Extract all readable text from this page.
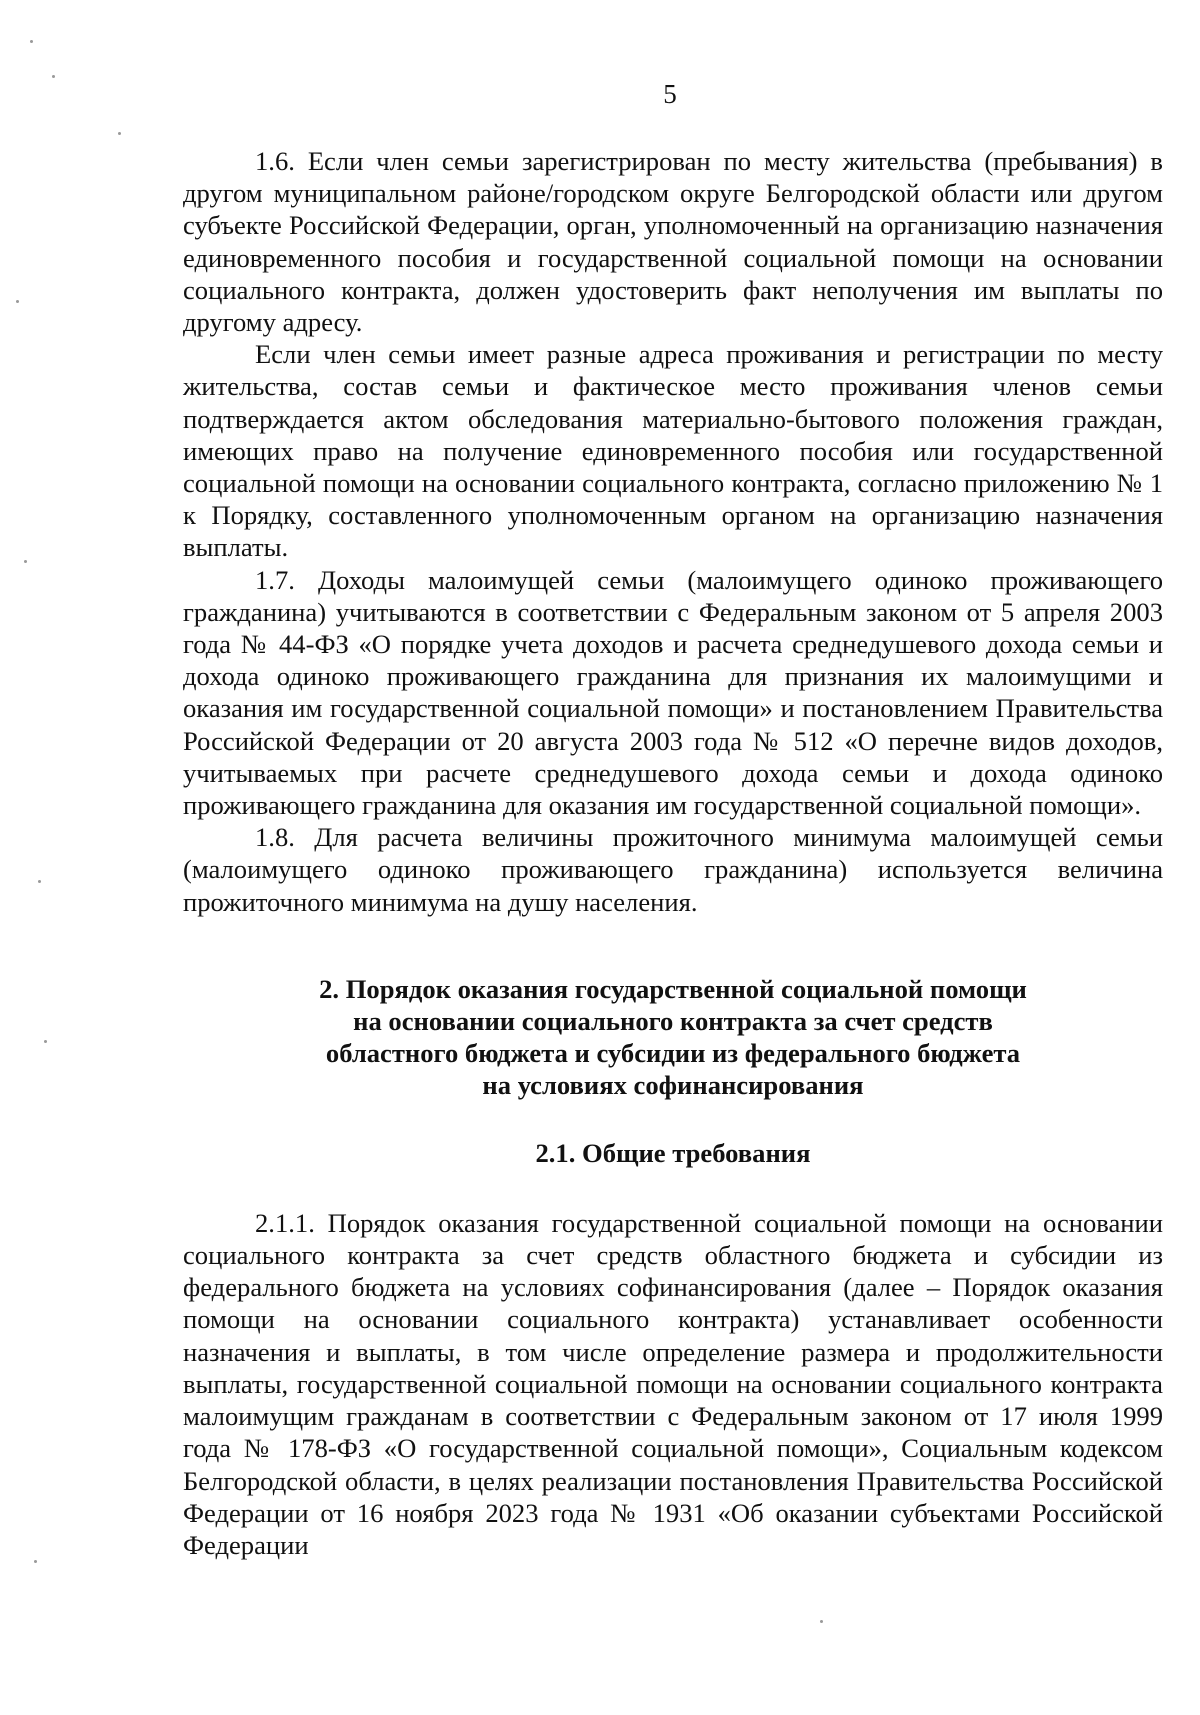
5

1.6. Если член семьи зарегистрирован по месту жительства (пребывания) в другом муниципальном районе/городском округе Белгородской области или другом субъекте Российской Федерации, орган, уполномоченный на организацию назначения единовременного пособия и государственной социальной помощи на основании социального контракта, должен удостоверить факт неполучения им выплаты по другому адресу.

Если член семьи имеет разные адреса проживания и регистрации по месту жительства, состав семьи и фактическое место проживания членов семьи подтверждается актом обследования материально-бытового положения граждан, имеющих право на получение единовременного пособия или государственной социальной помощи на основании социального контракта, согласно приложению № 1 к Порядку, составленного уполномоченным органом на организацию назначения выплаты.

1.7. Доходы малоимущей семьи (малоимущего одиноко проживающего гражданина) учитываются в соответствии с Федеральным законом от 5 апреля 2003 года № 44-ФЗ «О порядке учета доходов и расчета среднедушевого дохода семьи и дохода одиноко проживающего гражданина для признания их малоимущими и оказания им государственной социальной помощи» и постановлением Правительства Российской Федерации от 20 августа 2003 года № 512 «О перечне видов доходов, учитываемых при расчете среднедушевого дохода семьи и дохода одиноко проживающего гражданина для оказания им государственной социальной помощи».

1.8. Для расчета величины прожиточного минимума малоимущей семьи (малоимущего одиноко проживающего гражданина) используется величина прожиточного минимума на душу населения.

2. Порядок оказания государственной социальной помощи
на основании социального контракта за счет средств
областного бюджета и субсидии из федерального бюджета
на условиях софинансирования
2.1. Общие требования

2.1.1. Порядок оказания государственной социальной помощи на основании социального контракта за счет средств областного бюджета и субсидии из федерального бюджета на условиях софинансирования (далее – Порядок оказания помощи на основании социального контракта) устанавливает особенности назначения и выплаты, в том числе определение размера и продолжительности выплаты, государственной социальной помощи на основании социального контракта малоимущим гражданам в соответствии с Федеральным законом от 17 июля 1999 года № 178-ФЗ «О государственной социальной помощи», Социальным кодексом Белгородской области, в целях реализации постановления Правительства Российской Федерации от 16 ноября 2023 года № 1931 «Об оказании субъектами Российской Федерации
